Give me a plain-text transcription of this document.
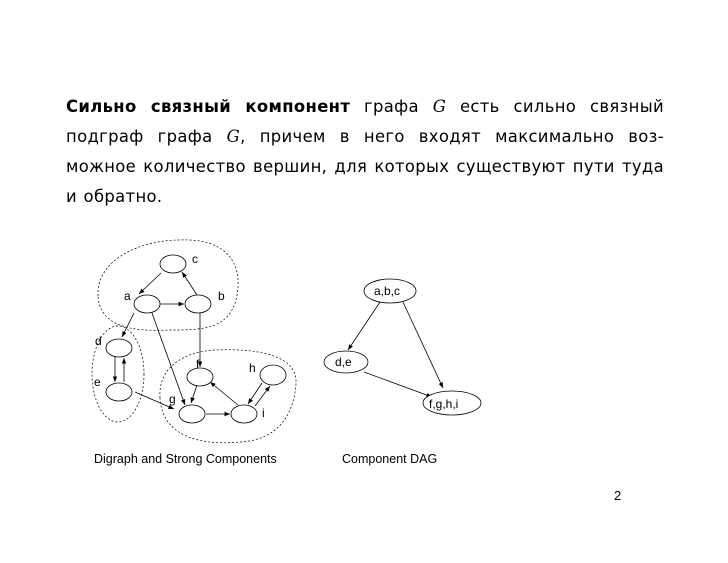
Сильно связный компонент графа G есть сильно связный подграф графа G, причем в него входят максимально воз-можное количество вершин, для которых существуют пути туда и обратно.
c
a	b
d
e
f	h
g
i
a,b,c
d,e
f,g,h,i
Digraph and Strong Components	Component DAG
2
